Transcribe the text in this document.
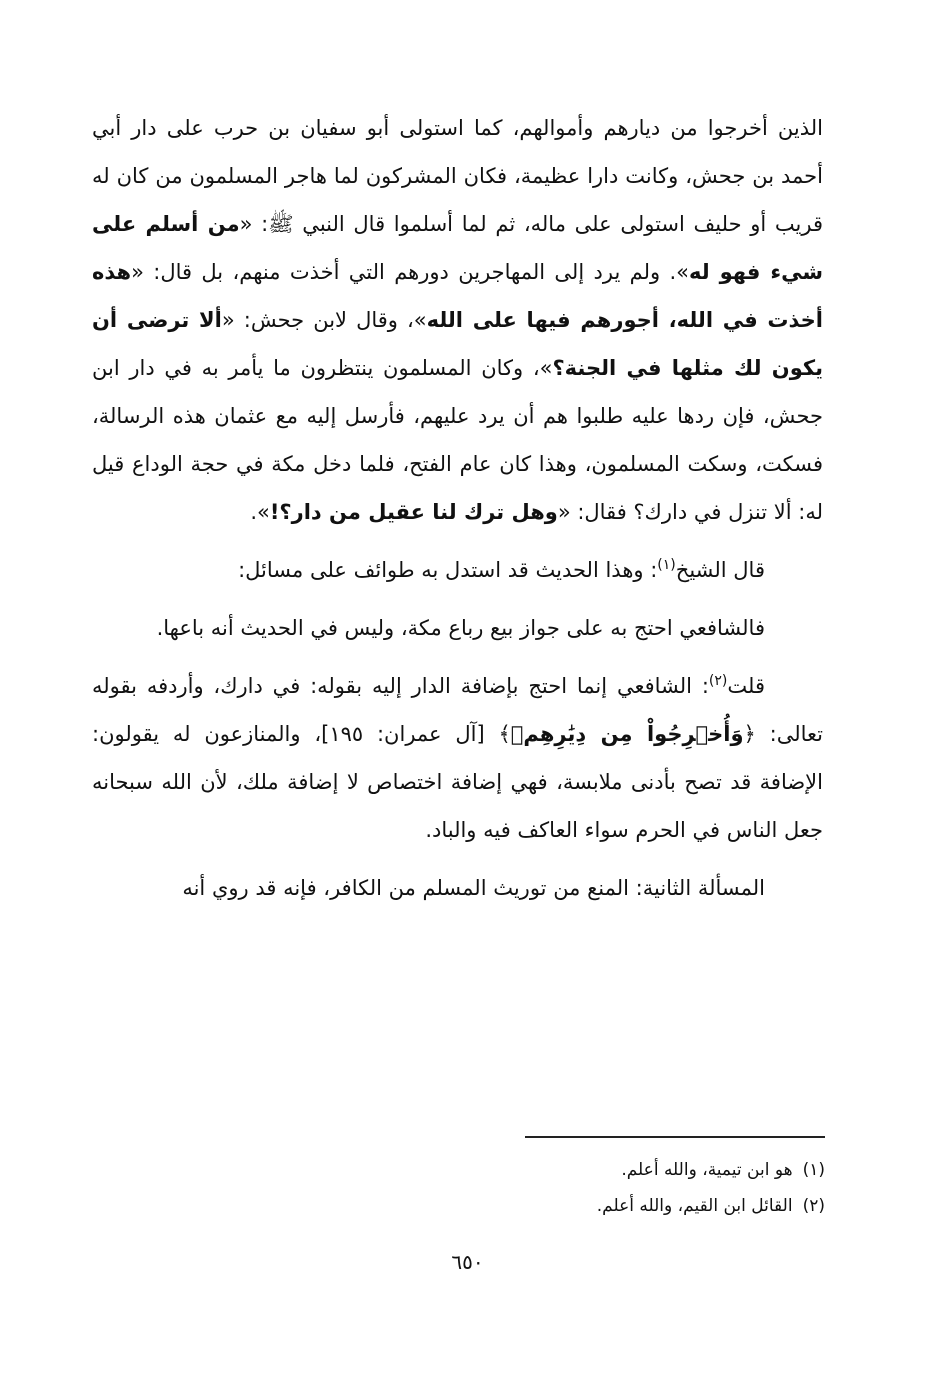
الذين أخرجوا من ديارهم وأموالهم، كما استولى أبو سفيان بن حرب على دار أبي أحمد بن جحش، وكانت دارا عظيمة، فكان المشركون لما هاجر المسلمون من كان له قريب أو حليف استولى على ماله، ثم لما أسلموا قال النبي ﷺ: «من أسلم على شيء فهو له». ولم يرد إلى المهاجرين دورهم التي أخذت منهم، بل قال: «هذه أخذت في الله، أجورهم فيها على الله»، وقال لابن جحش: «ألا ترضى أن يكون لك مثلها في الجنة؟»، وكان المسلمون ينتظرون ما يأمر به في دار ابن جحش، فإن ردها عليه طلبوا هم أن يرد عليهم، فأرسل إليه مع عثمان هذه الرسالة، فسكت، وسكت المسلمون، وهذا كان عام الفتح، فلما دخل مكة في حجة الوداع قيل له: ألا تنزل في دارك؟ فقال: «وهل ترك لنا عقيل من دار؟!».

قال الشيخ$^{(١)}$: وهذا الحديث قد استدل به طوائف على مسائل:

فالشافعي احتج به على جواز بيع رباع مكة، وليس في الحديث أنه باعها.

قلت$^{(٢)}$: الشافعي إنما احتج بإضافة الدار إليه بقوله: في دارك، وأردفه بقوله تعالى: ﴿وَأُخۡرِجُواْ مِن دِيَٰرِهِمۡ﴾ [آل عمران: ١٩٥]، والمنازعون له يقولون: الإضافة قد تصح بأدنى ملابسة، فهي إضافة اختصاص لا إضافة ملك، لأن الله سبحانه جعل الناس في الحرم سواء العاكف فيه والباد.

المسألة الثانية: المنع من توريث المسلم من الكافر، فإنه قد روي أنه

(١)هو ابن تيمية، والله أعلم.

(٢)القائل ابن القيم، والله أعلم.

٦٥٠
